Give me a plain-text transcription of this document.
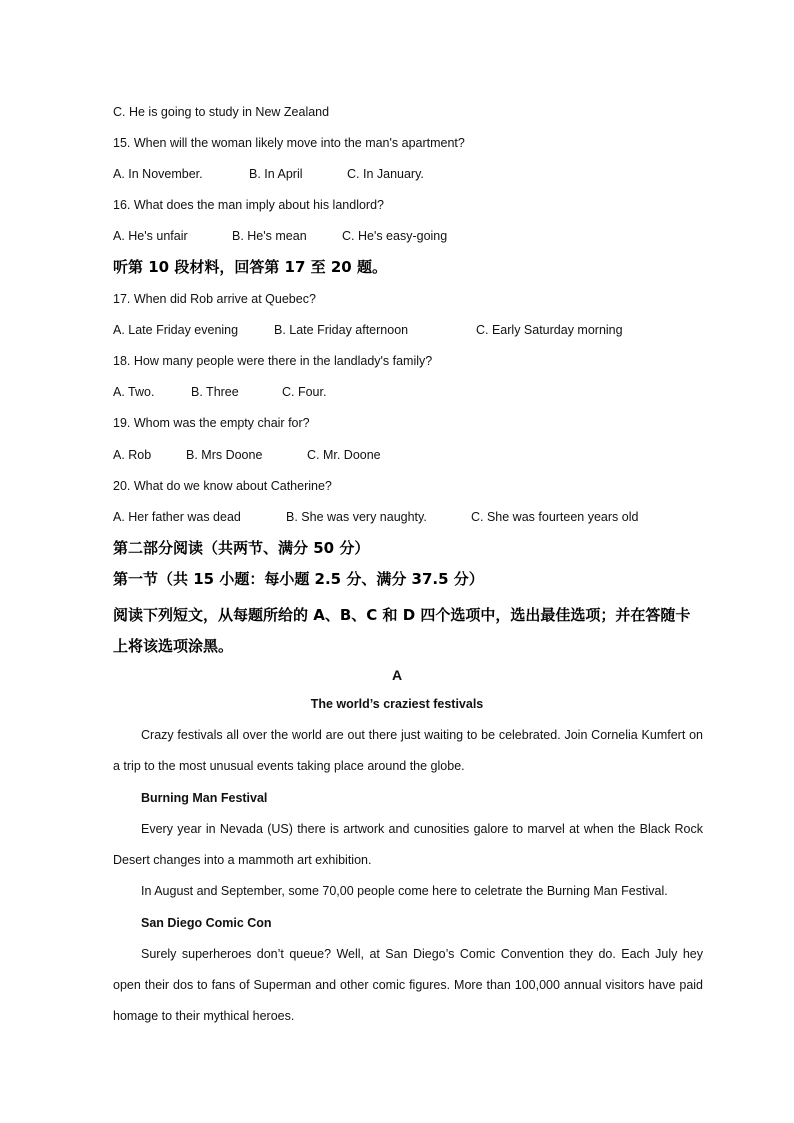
C. He is going to study in New Zealand
15. When will the woman likely move into the man's apartment?
A. In November.	B. In April	C. In January.
16. What does the man imply about his landlord?
A. He's unfair	B. He's mean	C. He's easy-going
听第 10 段材料，回答第 17 至 20 题。
17. When did Rob arrive at Quebec?
A. Late Friday evening	B. Late Friday afternoon	C. Early Saturday morning
18. How many people were there in the landlady's family?
A. Two.	B. Three	C. Four.
19. Whom was the empty chair for?
A. Rob	B. Mrs Doone	C. Mr. Doone
20. What do we know about Catherine?
A. Her father was dead	B. She was very naughty.	C. She was fourteen years old
第二部分阅读（共两节、满分 50 分）
第一节（共 15 小题：每小题 2.5 分、满分 37.5 分）
阅读下列短文，从每题所给的 A、B、C 和 D 四个选项中，选出最佳选项；并在答随卡上将该选项涂黑。
A
The world’s craziest festivals
Crazy festivals all over the world are out there just waiting to be celebrated. Join Cornelia Kumfert on a trip to the most unusual events taking place around the globe.
Burning Man Festival
Every year in Nevada (US) there is artwork and cunosities galore to marvel at when the Black Rock Desert changes into a mammoth art exhibition.
In August and September, some 70,00 people come here to celetrate the Burning Man Festival.
San Diego Comic Con
Surely superheroes don’t queue? Well, at San Diego’s Comic Convention they do. Each July hey open their dos to fans of Superman and other comic figures. More than 100,000 annual visitors have paid homage to their mythical heroes.
